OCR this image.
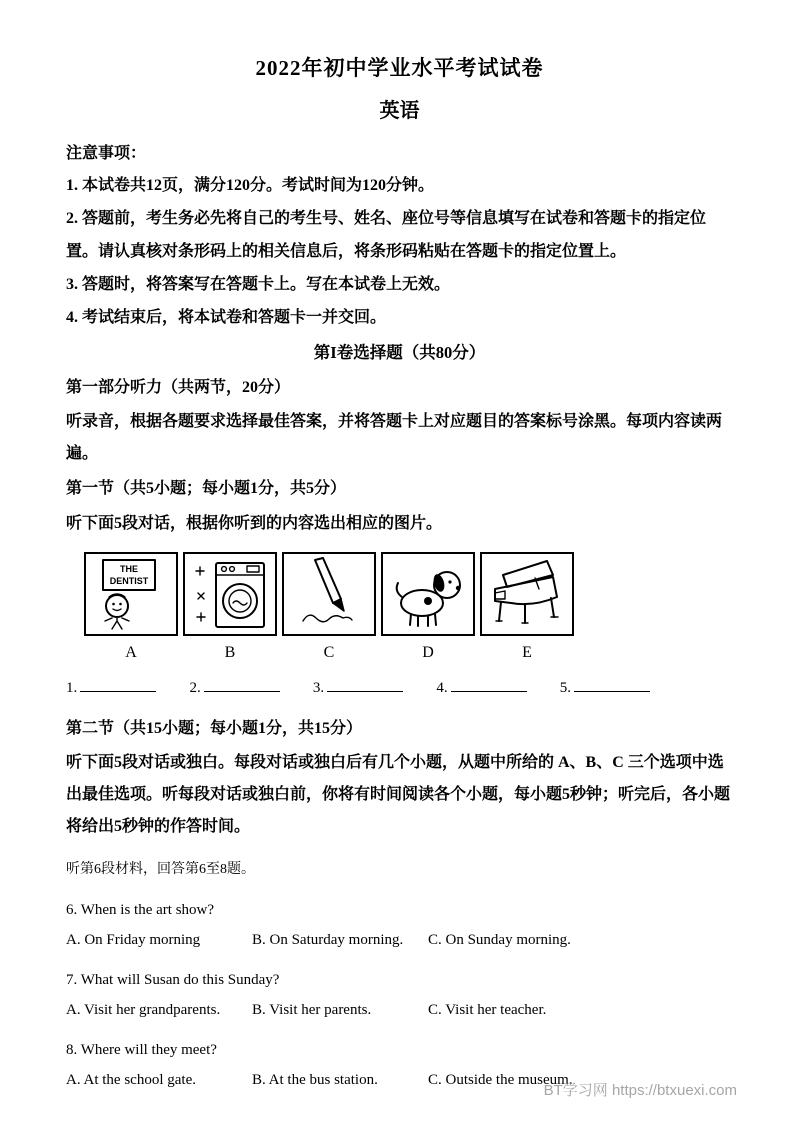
2022年初中学业水平考试试卷
英语
注意事项：
1. 本试卷共12页，满分120分。考试时间为120分钟。
2. 答题前，考生务必先将自己的考生号、姓名、座位号等信息填写在试卷和答题卡的指定位置。请认真核对条形码上的相关信息后，将条形码粘贴在答题卡的指定位置上。
3. 答题时，将答案写在答题卡上。写在本试卷上无效。
4. 考试结束后，将本试卷和答题卡一并交回。
第I卷选择题（共80分）
第一部分听力（共两节，20分）
听录音，根据各题要求选择最佳答案，并将答题卡上对应题目的答案标号涂黑。每项内容读两遍。
第一节（共5小题；每小题1分，共5分）
听下面5段对话，根据你听到的内容选出相应的图片。
THE
DENTIST
A	B	C	D	E
1.	2.	3.	4.	5.
第二节（共15小题；每小题1分，共15分）
听下面5段对话或独白。每段对话或独白后有几个小题，从题中所给的 A、B、C 三个选项中选出最佳选项。听每段对话或独白前，你将有时间阅读各个小题，每小题5秒钟；听完后，各小题将给出5秒钟的作答时间。
听第6段材料，回答第6至8题。
6. When is the art show?
A. On Friday morning	B. On Saturday morning. C. On Sunday morning.
7. What will Susan do this Sunday?
A. Visit her grandparents. B. Visit her parents.	C. Visit her teacher.
8. Where will they meet?
A. At the school gate.	B. At the bus station.	C. Outside the museum.
BT学习网 https://btxuexi.com
